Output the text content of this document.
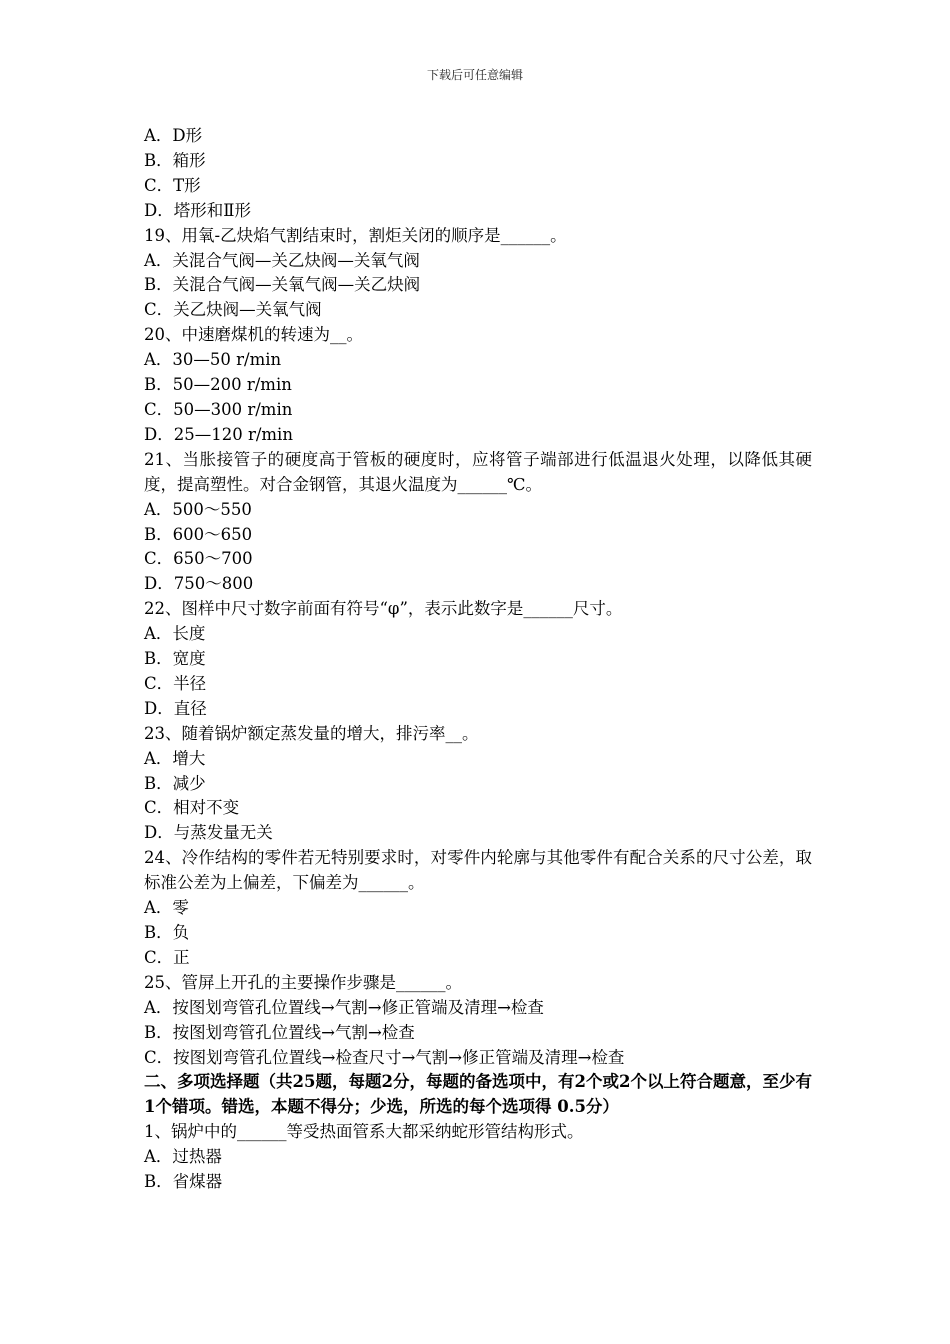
下载后可任意编辑
A．D形
B．箱形
C．T形
D．塔形和Ⅱ形
19、用氧-乙炔焰气割结束时，割炬关闭的顺序是______。
A．关混合气阀—关乙炔阀—关氧气阀
B．关混合气阀—关氧气阀—关乙炔阀
C．关乙炔阀—关氧气阀
20、中速磨煤机的转速为__。
A．30—50 r/min
B．50—200 r/min
C．50—300 r/min
D．25—120 r/min
21、当胀接管子的硬度高于管板的硬度时，应将管子端部进行低温退火处理，以降低其硬度，提高塑性。对合金钢管，其退火温度为______℃。
A．500～550
B．600～650
C．650～700
D．750～800
22、图样中尺寸数字前面有符号“φ”，表示此数字是______尺寸。
A．长度
B．宽度
C．半径
D．直径
23、随着锅炉额定蒸发量的增大，排污率__。
A．增大
B．减少
C．相对不变
D．与蒸发量无关
24、冷作结构的零件若无特别要求时，对零件内轮廓与其他零件有配合关系的尺寸公差，取标准公差为上偏差，下偏差为______。
A．零
B．负
C．正
25、管屏上开孔的主要操作步骤是______。
A．按图划弯管孔位置线→气割→修正管端及清理→检查
B．按图划弯管孔位置线→气割→检查
C．按图划弯管孔位置线→检查尺寸→气割→修正管端及清理→检查
二、多项选择题（共25题，每题2分，每题的备选项中，有2个或2个以上符合题意，至少有1个错项。错选，本题不得分；少选，所选的每个选项得 0.5分）
1、锅炉中的______等受热面管系大都采纳蛇形管结构形式。
A．过热器
B．省煤器
